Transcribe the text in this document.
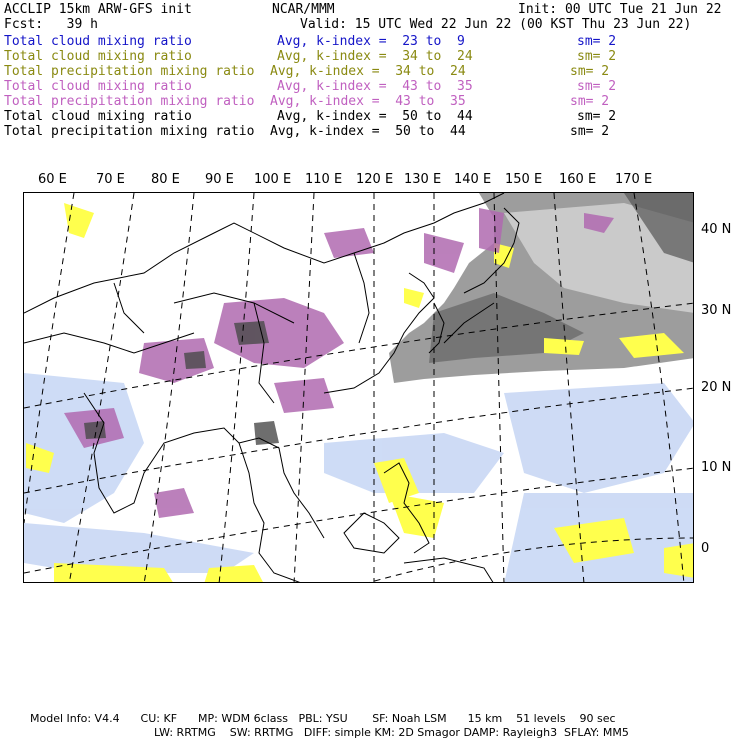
ACCLIP 15km ARW-GFS init	NCAR/MMM	Init: 00 UTC Tue 21 Jun 22
Fcst:   39 h	Valid: 15 UTC Wed 22 Jun 22 (00 KST Thu 23 Jun 22)
Total cloud mixing ratio	Avg, k-index =  23 to  9	sm= 2
Total cloud mixing ratio	Avg, k-index =  34 to  24	sm= 2
Total precipitation mixing ratio Avg, k-index =  34 to  24	sm= 2
Total cloud mixing ratio	Avg, k-index =  43 to  35	sm= 2
Total precipitation mixing ratio Avg, k-index =  43 to  35	sm= 2
Total cloud mixing ratio	Avg, k-index =  50 to  44	sm= 2
Total precipitation mixing ratio Avg, k-index =  50 to  44	sm= 2
60 E 70 E 80 E 90 E 100 E 110 E 120 E 130 E 140 E 150 E 160 E 170 E
40 N
30 N
20 N
10 N
0
Model Info: V4.4      CU: KF      MP: WDM 6class   PBL: YSU       SF: Noah LSM      15 km    51 levels    90 sec
LW: RRTMG    SW: RRTMG   DIFF: simple KM: 2D Smagor DAMP: Rayleigh3  SFLAY: MM5
